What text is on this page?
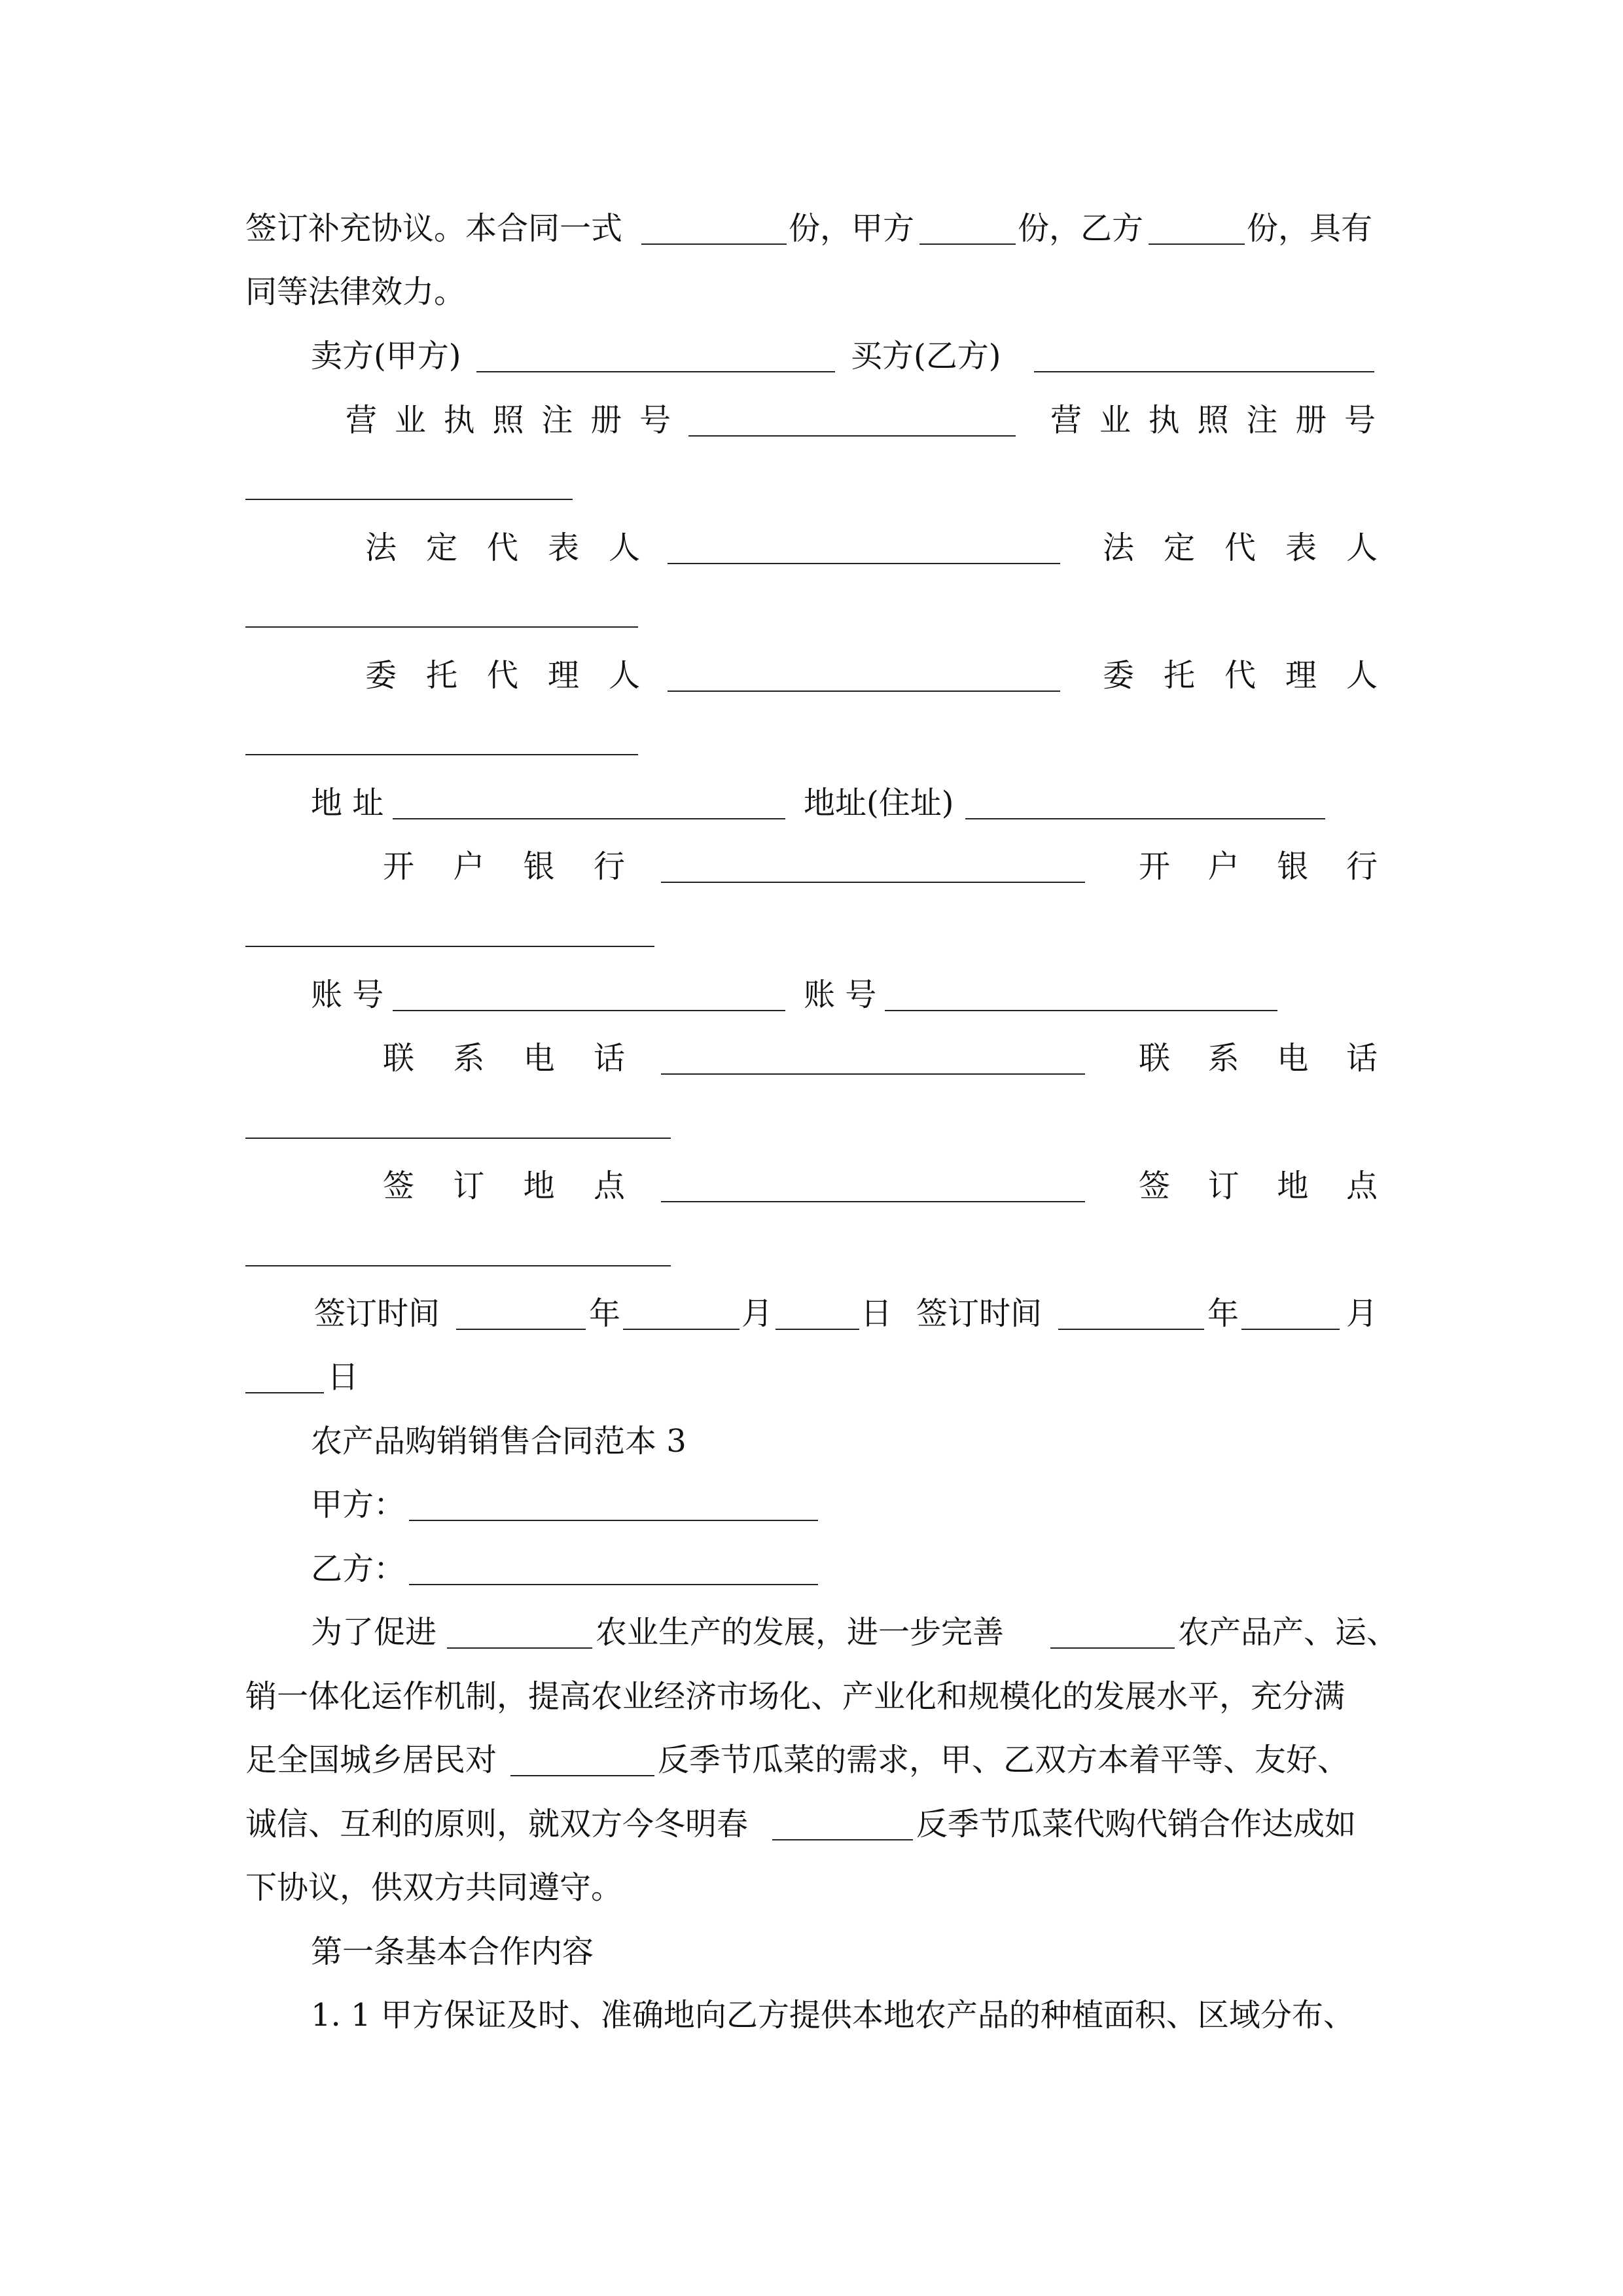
签订补充协议。本合同一式	份，甲方	份，乙方	份，具有
同等法律效力。
卖方(甲方)	买方(乙方)
营 业 执 照 注 册 号	营 业 执 照 注 册 号
法 定 代 表 人	法 定 代 表 人
委 托 代 理 人	委 托 代 理 人
地 址	地址(住址)
开 户 银 行	开 户 银 行
账 号	账 号
联 系 电 话	联 系 电 话
签 订 地 点	签 订 地 点
签订时间	年	月	日 签订时间	年	月
日
农产品购销销售合同范本 3
甲方：
乙方：
为了促进	农业生产的发展，进一步完善	农产品产、运、
销一体化运作机制，提高农业经济市场化、产业化和规模化的发展水平，充分满
足全国城乡居民对	反季节瓜菜的需求，甲、乙双方本着平等、友好、
诚信、互利的原则，就双方今冬明春	反季节瓜菜代购代销合作达成如
下协议，供双方共同遵守。
第一条基本合作内容
1. 1 甲方保证及时、准确地向乙方提供本地农产品的种植面积、区域分布、
